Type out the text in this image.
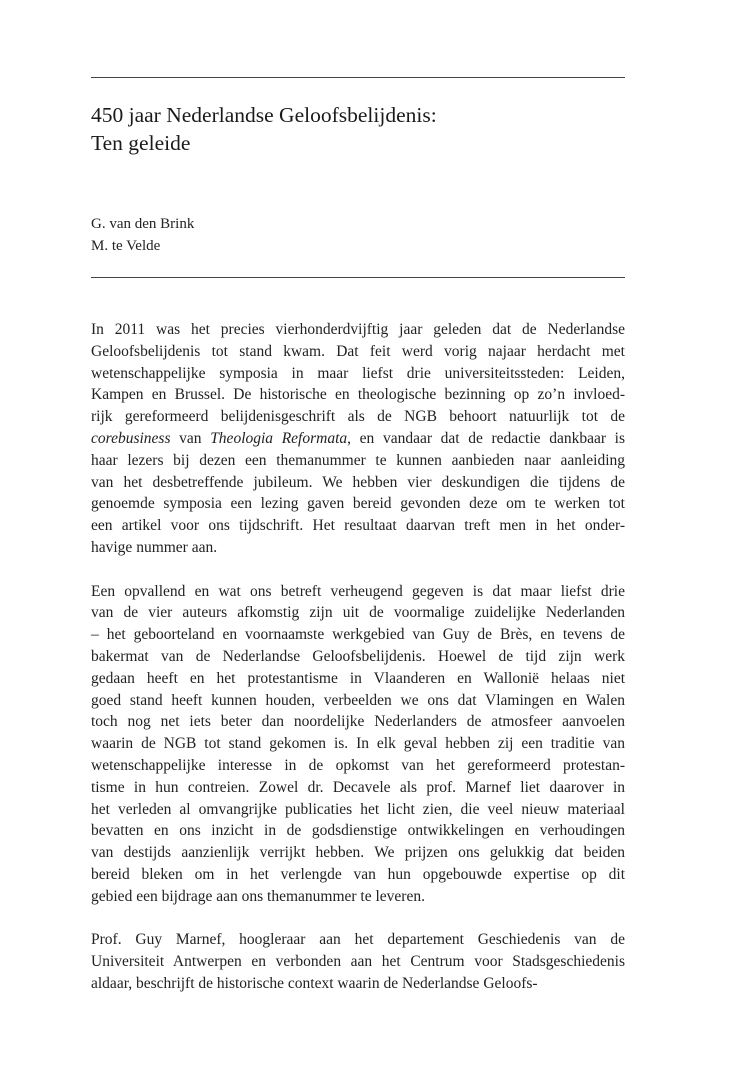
450 jaar Nederlandse Geloofsbelijdenis:
Ten geleide
G. van den Brink
M. te Velde

In 2011 was het precies vierhonderdvijftig jaar geleden dat de Nederlandse
Geloofsbelijdenis tot stand kwam. Dat feit werd vorig najaar herdacht met
wetenschappelijke symposia in maar liefst drie universiteitssteden: Leiden,
Kampen en Brussel. De historische en theologische bezinning op zo’n invloed-
rijk gereformeerd belijdenisgeschrift als de NGB behoort natuurlijk tot de
corebusiness van Theologia Reformata, en vandaar dat de redactie dankbaar is
haar lezers bij dezen een themanummer te kunnen aanbieden naar aanleiding
van het desbetreffende jubileum. We hebben vier deskundigen die tijdens de
genoemde symposia een lezing gaven bereid gevonden deze om te werken tot
een artikel voor ons tijdschrift. Het resultaat daarvan treft men in het onder-
havige nummer aan.

Een opvallend en wat ons betreft verheugend gegeven is dat maar liefst drie
van de vier auteurs afkomstig zijn uit de voormalige zuidelijke Nederlanden
– het geboorteland en voornaamste werkgebied van Guy de Brès, en tevens de
bakermat van de Nederlandse Geloofsbelijdenis. Hoewel de tijd zijn werk
gedaan heeft en het protestantisme in Vlaanderen en Wallonië helaas niet
goed stand heeft kunnen houden, verbeelden we ons dat Vlamingen en Walen
toch nog net iets beter dan noordelijke Nederlanders de atmosfeer aanvoelen
waarin de NGB tot stand gekomen is. In elk geval hebben zij een traditie van
wetenschappelijke interesse in de opkomst van het gereformeerd protestan-
tisme in hun contreien. Zowel dr. Decavele als prof. Marnef liet daarover in
het verleden al omvangrijke publicaties het licht zien, die veel nieuw materiaal
bevatten en ons inzicht in de godsdienstige ontwikkelingen en verhoudingen
van destijds aanzienlijk verrijkt hebben. We prijzen ons gelukkig dat beiden
bereid bleken om in het verlengde van hun opgebouwde expertise op dit
gebied een bijdrage aan ons themanummer te leveren.

Prof. Guy Marnef, hoogleraar aan het departement Geschiedenis van de
Universiteit Antwerpen en verbonden aan het Centrum voor Stadsgeschiedenis
aldaar, beschrijft de historische context waarin de Nederlandse Geloofs-
